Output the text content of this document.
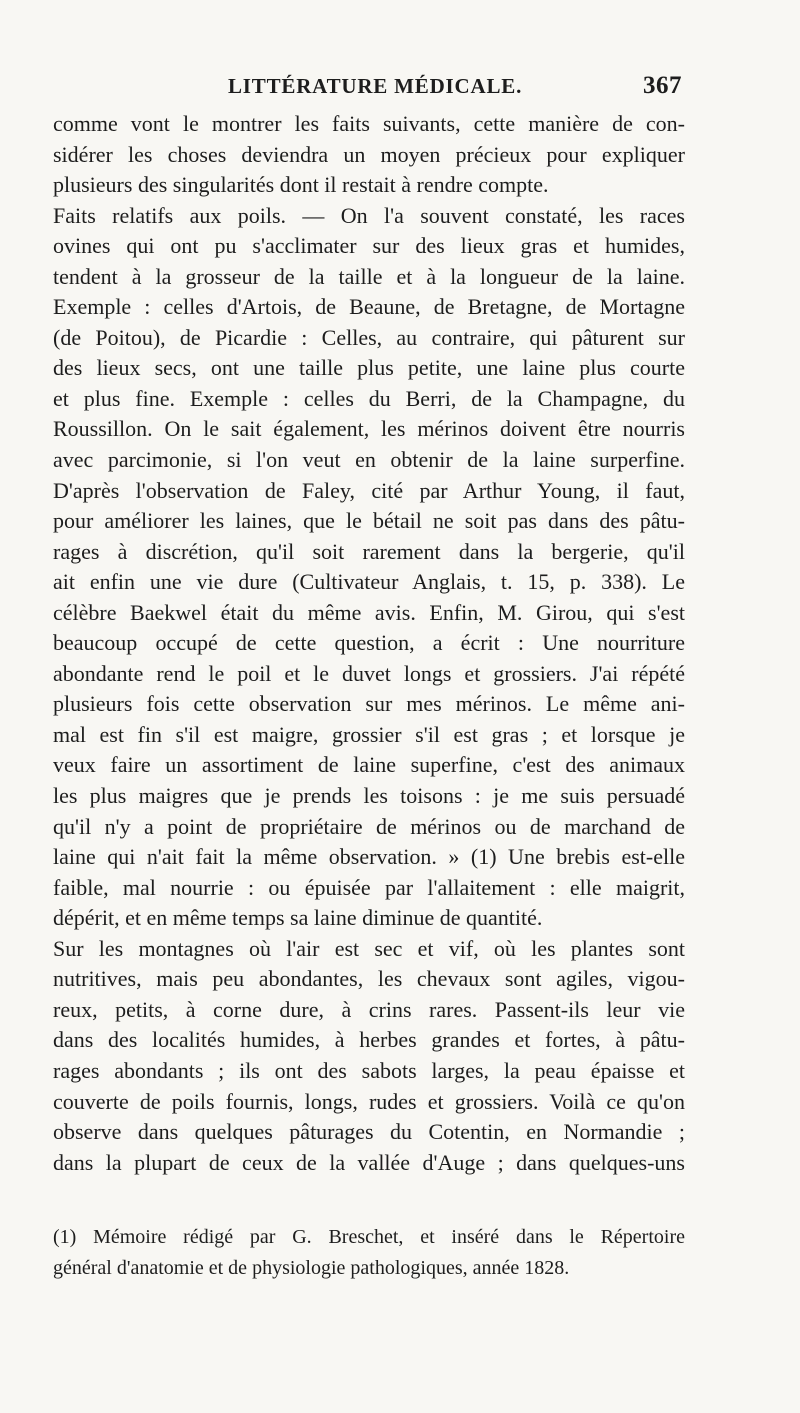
LITTÉRATURE MÉDICALE.	367
comme vont le montrer les faits suivants, cette manière de con-
sidérer les choses deviendra un moyen précieux pour expliquer
plusieurs des singularités dont il restait à rendre compte.
Faits relatifs aux poils. — On l'a souvent constaté, les races
ovines qui ont pu s'acclimater sur des lieux gras et humides,
tendent à la grosseur de la taille et à la longueur de la laine.
Exemple : celles d'Artois, de Beaune, de Bretagne, de Mortagne
(de Poitou), de Picardie : Celles, au contraire, qui pâturent sur
des lieux secs, ont une taille plus petite, une laine plus courte
et plus fine. Exemple : celles du Berri, de la Champagne, du
Roussillon. On le sait également, les mérinos doivent être nourris
avec parcimonie, si l'on veut en obtenir de la laine surperfine.
D'après l'observation de Faley, cité par Arthur Young, il faut,
pour améliorer les laines, que le bétail ne soit pas dans des pâtu-
rages à discrétion, qu'il soit rarement dans la bergerie, qu'il
ait enfin une vie dure (Cultivateur Anglais, t. 15, p. 338). Le
célèbre Baekwel était du même avis. Enfin, M. Girou, qui s'est
beaucoup occupé de cette question, a écrit : Une nourriture
abondante rend le poil et le duvet longs et grossiers. J'ai répété
plusieurs fois cette observation sur mes mérinos. Le même ani-
mal est fin s'il est maigre, grossier s'il est gras ; et lorsque je
veux faire un assortiment de laine superfine, c'est des animaux
les plus maigres que je prends les toisons : je me suis persuadé
qu'il n'y a point de propriétaire de mérinos ou de marchand de
laine qui n'ait fait la même observation. » (1) Une brebis est-elle
faible, mal nourrie : ou épuisée par l'allaitement : elle maigrit,
dépérit, et en même temps sa laine diminue de quantité.
Sur les montagnes où l'air est sec et vif, où les plantes sont
nutritives, mais peu abondantes, les chevaux sont agiles, vigou-
reux, petits, à corne dure, à crins rares. Passent-ils leur vie
dans des localités humides, à herbes grandes et fortes, à pâtu-
rages abondants ; ils ont des sabots larges, la peau épaisse et
couverte de poils fournis, longs, rudes et grossiers. Voilà ce qu'on
observe dans quelques pâturages du Cotentin, en Normandie ;
dans la plupart de ceux de la vallée d'Auge ; dans quelques-uns
(1) Mémoire rédigé par G. Breschet, et inséré dans le Répertoire
général d'anatomie et de physiologie pathologiques, année 1828.
